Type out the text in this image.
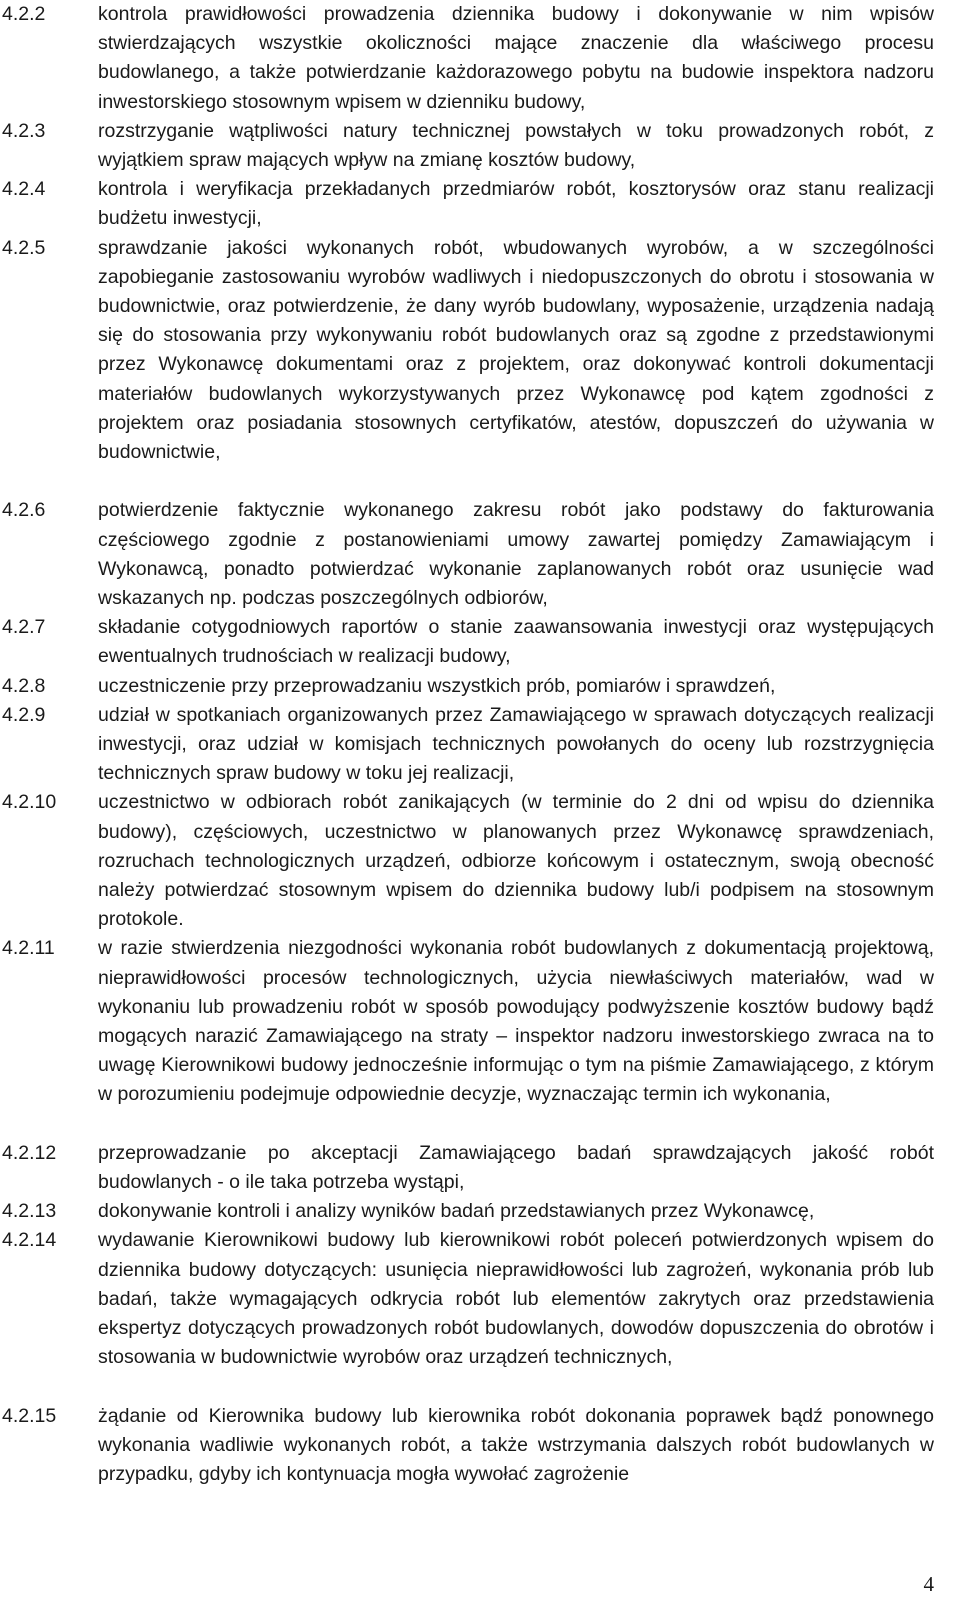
4.2.2	kontrola prawidłowości prowadzenia dziennika budowy i dokonywanie w nim wpisów stwierdzających wszystkie okoliczności mające znaczenie dla właściwego procesu budowlanego, a także potwierdzanie każdorazowego pobytu na budowie inspektora nadzoru inwestorskiego stosownym wpisem w dzienniku budowy,

4.2.3	rozstrzyganie wątpliwości natury technicznej powstałych w toku prowadzonych robót, z wyjątkiem spraw mających wpływ na zmianę kosztów budowy,

4.2.4	kontrola i weryfikacja przekładanych przedmiarów robót, kosztorysów oraz stanu realizacji budżetu inwestycji,

4.2.5	sprawdzanie jakości wykonanych robót, wbudowanych wyrobów, a w szczególności zapobieganie zastosowaniu wyrobów wadliwych i niedopuszczonych do obrotu i stosowania w budownictwie, oraz potwierdzenie, że dany wyrób budowlany, wyposażenie, urządzenia nadają się do stosowania przy wykonywaniu robót budowlanych oraz są zgodne z przedstawionymi przez Wykonawcę dokumentami oraz z projektem, oraz dokonywać kontroli dokumentacji materiałów budowlanych wykorzystywanych przez Wykonawcę pod kątem zgodności z projektem oraz posiadania stosownych certyfikatów, atestów, dopuszczeń do używania w budownictwie,

4.2.6	potwierdzenie faktycznie wykonanego zakresu robót jako podstawy do fakturowania częściowego zgodnie z postanowieniami umowy zawartej pomiędzy Zamawiającym i Wykonawcą, ponadto potwierdzać wykonanie zaplanowanych robót oraz usunięcie wad wskazanych np. podczas poszczególnych odbiorów,

4.2.7	składanie cotygodniowych raportów o stanie zaawansowania inwestycji oraz występujących ewentualnych trudnościach w realizacji budowy,

4.2.8	uczestniczenie przy przeprowadzaniu wszystkich prób, pomiarów i sprawdzeń,

4.2.9	udział w spotkaniach organizowanych przez Zamawiającego w sprawach dotyczących realizacji inwestycji, oraz udział w komisjach technicznych powołanych do oceny lub rozstrzygnięcia technicznych spraw budowy w toku jej realizacji,

4.2.10	uczestnictwo w odbiorach robót zanikających (w terminie do 2 dni od wpisu do dziennika budowy), częściowych, uczestnictwo w planowanych przez Wykonawcę sprawdzeniach, rozruchach technologicznych urządzeń, odbiorze końcowym i ostatecznym, swoją obecność należy potwierdzać stosownym wpisem do dziennika budowy lub/i podpisem na stosownym protokole.

4.2.11	w razie stwierdzenia niezgodności wykonania robót budowlanych z dokumentacją projektową, nieprawidłowości procesów technologicznych, użycia niewłaściwych materiałów, wad w wykonaniu lub prowadzeniu robót w sposób powodujący podwyższenie kosztów budowy bądź mogących narazić Zamawiającego na straty – inspektor nadzoru inwestorskiego zwraca na to uwagę Kierownikowi budowy jednocześnie informując o tym na piśmie Zamawiającego, z którym w porozumieniu podejmuje odpowiednie decyzje, wyznaczając termin ich wykonania,

4.2.12	przeprowadzanie po akceptacji Zamawiającego badań sprawdzających jakość robót budowlanych - o ile taka potrzeba wystąpi,

4.2.13	dokonywanie kontroli i analizy wyników badań przedstawianych przez Wykonawcę,

4.2.14	wydawanie Kierownikowi budowy lub kierownikowi robót poleceń potwierdzonych wpisem do dziennika budowy dotyczących: usunięcia nieprawidłowości lub zagrożeń, wykonania prób lub badań, także wymagających odkrycia robót lub elementów zakrytych oraz przedstawienia ekspertyz dotyczących prowadzonych robót budowlanych, dowodów dopuszczenia do obrotów i stosowania w budownictwie wyrobów oraz urządzeń technicznych,

4.2.15	żądanie od Kierownika budowy lub kierownika robót dokonania poprawek bądź ponownego wykonania wadliwie wykonanych robót, a także wstrzymania dalszych robót budowlanych w przypadku, gdyby ich kontynuacja mogła wywołać zagrożenie

4
